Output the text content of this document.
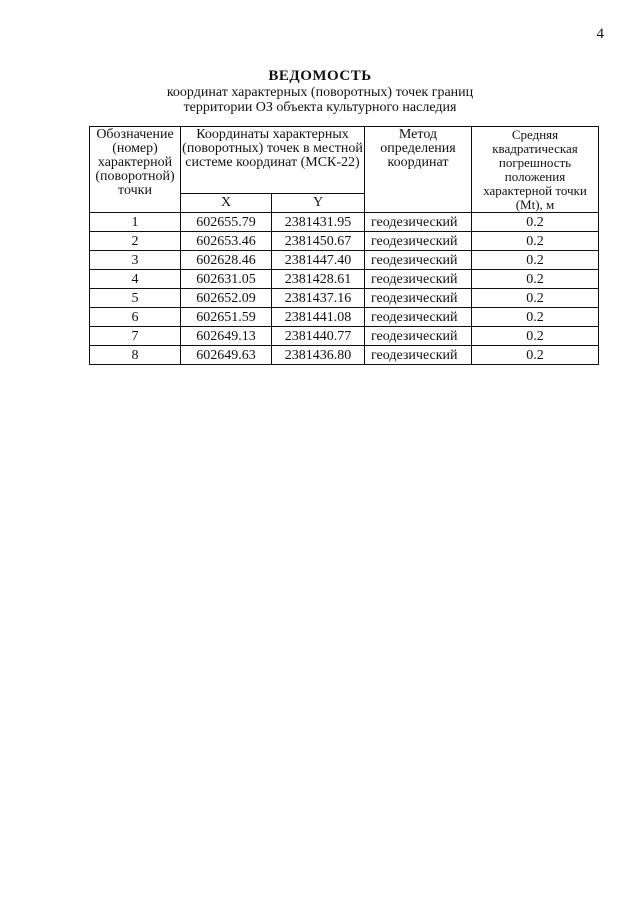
4
ВЕДОМОСТЬ
координат характерных (поворотных) точек границ
территории ОЗ объекта культурного наследия
Обозначение (номер) характерной (поворотной) точки	Координаты характерных (поворотных) точек в местной системе координат (МСК-22)		Метод определения координат	Средняя квадратическая погрешность положения характерной точки (Mt), м
	X	Y		
1	602655.79	2381431.95	геодезический	0.2
2	602653.46	2381450.67	геодезический	0.2
3	602628.46	2381447.40	геодезический	0.2
4	602631.05	2381428.61	геодезический	0.2
5	602652.09	2381437.16	геодезический	0.2
6	602651.59	2381441.08	геодезический	0.2
7	602649.13	2381440.77	геодезический	0.2
8	602649.63	2381436.80	геодезический	0.2
